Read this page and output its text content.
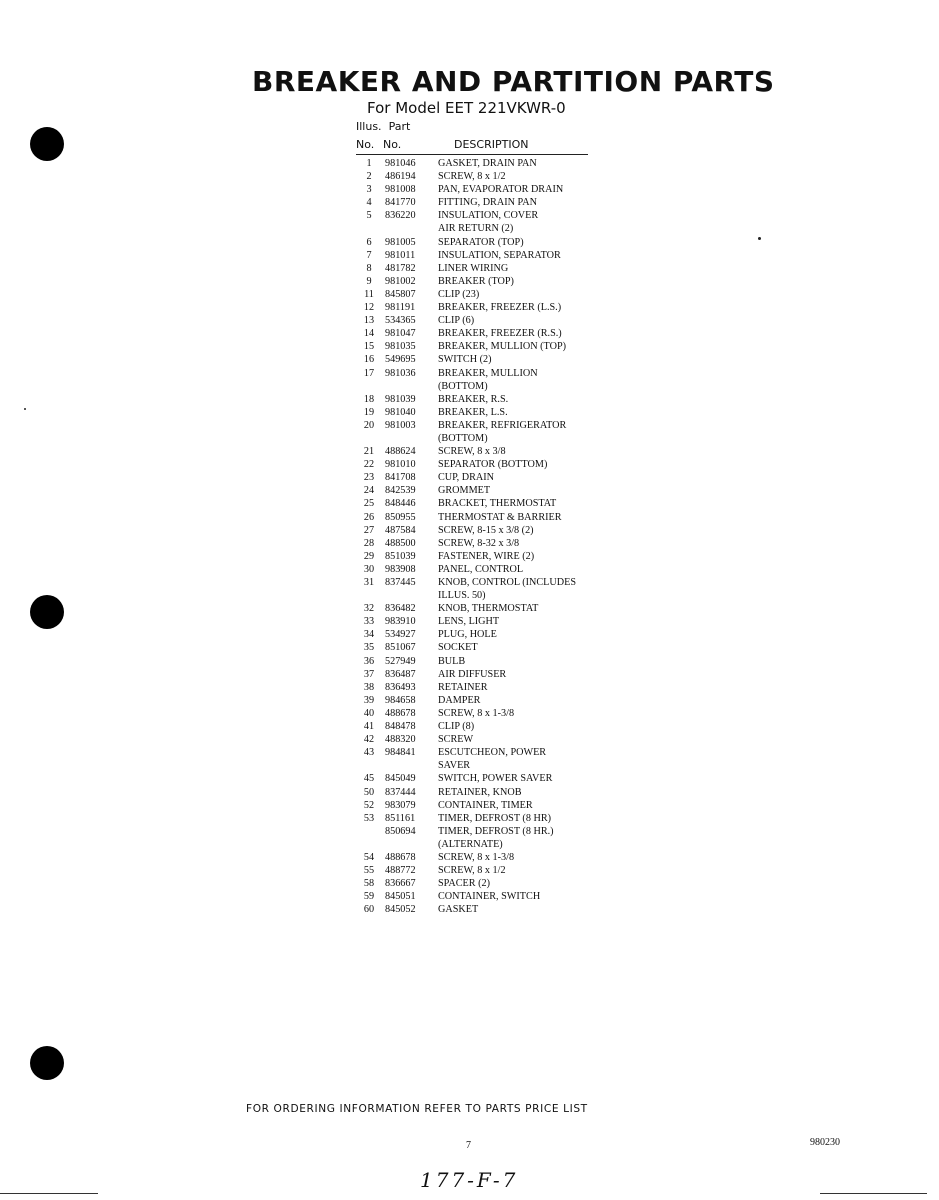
BREAKER AND PARTITION PARTS
For Model EET 221VKWR-0
Illus. Part
No. No.	DESCRIPTION
1	981046	GASKET, DRAIN PAN
2	486194	SCREW, 8 x 1/2
3	981008	PAN, EVAPORATOR DRAIN
4	841770	FITTING, DRAIN PAN
5	836220	INSULATION, COVER
AIR RETURN (2)
6	981005	SEPARATOR (TOP)
7	981011	INSULATION, SEPARATOR
8	481782	LINER WIRING
9	981002	BREAKER (TOP)
11	845807	CLIP (23)
12	981191	BREAKER, FREEZER (L.S.)
13	534365	CLIP (6)
14	981047	BREAKER, FREEZER (R.S.)
15	981035	BREAKER, MULLION (TOP)
16	549695	SWITCH (2)
17	981036	BREAKER, MULLION
(BOTTOM)
18	981039	BREAKER, R.S.
19	981040	BREAKER, L.S.
20	981003	BREAKER, REFRIGERATOR
(BOTTOM)
21	488624	SCREW, 8 x 3/8
22	981010	SEPARATOR (BOTTOM)
23	841708	CUP, DRAIN
24	842539	GROMMET
25	848446	BRACKET, THERMOSTAT
26	850955	THERMOSTAT & BARRIER
27	487584	SCREW, 8-15 x 3/8 (2)
28	488500	SCREW, 8-32 x 3/8
29	851039	FASTENER, WIRE (2)
30	983908	PANEL, CONTROL
31	837445	KNOB, CONTROL (INCLUDES
ILLUS. 50)
32	836482	KNOB, THERMOSTAT
33	983910	LENS, LIGHT
34	534927	PLUG, HOLE
35	851067	SOCKET
36	527949	BULB
37	836487	AIR DIFFUSER
38	836493	RETAINER
39	984658	DAMPER
40	488678	SCREW, 8 x 1-3/8
41	848478	CLIP (8)
42	488320	SCREW
43	984841	ESCUTCHEON, POWER
SAVER
45	845049	SWITCH, POWER SAVER
50	837444	RETAINER, KNOB
52	983079	CONTAINER, TIMER
53	851161	TIMER, DEFROST (8 HR)
850694	TIMER, DEFROST (8 HR.)
(ALTERNATE)
54	488678	SCREW, 8 x 1-3/8
55	488772	SCREW, 8 x 1/2
58	836667	SPACER (2)
59	845051	CONTAINER, SWITCH
60	845052	GASKET
FOR ORDERING INFORMATION REFER TO PARTS PRICE LIST
7	980230
177-F-7
